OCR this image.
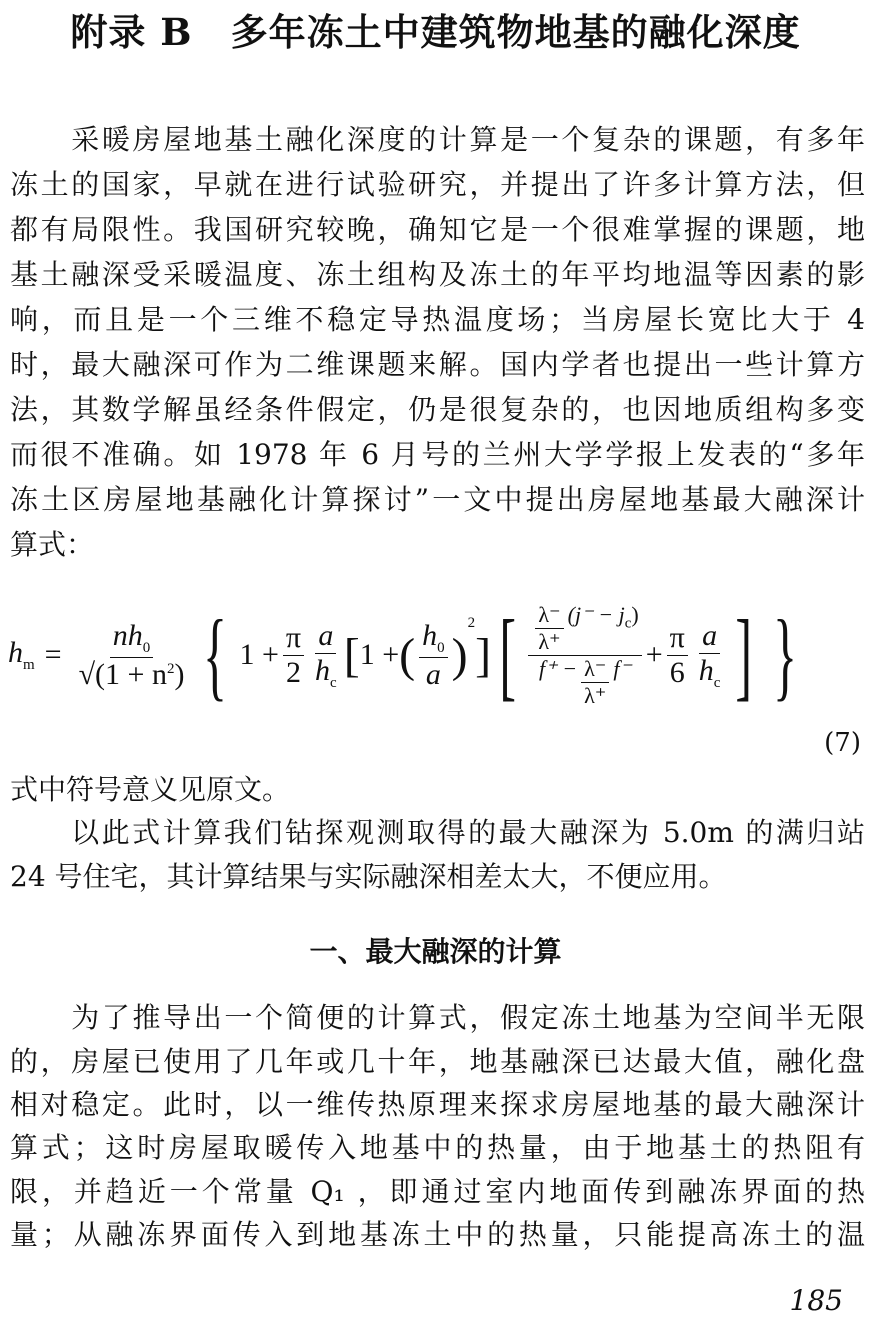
附录 B　多年冻土中建筑物地基的融化深度
　　采暖房屋地基土融化深度的计算是一个复杂的课题，有多年
冻土的国家，早就在进行试验研究，并提出了许多计算方法，但
都有局限性。我国研究较晚，确知它是一个很难掌握的课题，地
基土融深受采暖温度、冻土组构及冻土的年平均地温等因素的影
响，而且是一个三维不稳定导热温度场；当房屋长宽比大于 4
时，最大融深可作为二维课题来解。国内学者也提出一些计算方
法，其数学解虽经条件假定，仍是很复杂的，也因地质组构多变
而很不准确。如 1978 年 6 月号的兰州大学学报上发表的“多年
冻土区房屋地基融化计算探讨”一文中提出房屋地基最大融深计
算式：
$h_m = \frac{nh_0}{√(1 + n^2)}$ { $1 + \frac{\pi}{2} \frac{a}{h_c}$ [ 1 + ( $\frac{h_0}{a}$ )
$^2$
] [ $\frac{\frac{\lambda^-}{\lambda^+} (j^- - j_c)}{f^+ - \frac{\lambda^-}{\lambda^+} f^-} + \frac{\pi}{6} \frac{a}{h_c}$ ] }
(7)
式中符号意义见原文。
　　以此式计算我们钻探观测取得的最大融深为 5.0m 的满归站
24 号住宅，其计算结果与实际融深相差太大，不便应用。
一、最大融深的计算
　　为了推导出一个简便的计算式，假定冻土地基为空间半无限
的，房屋已使用了几年或几十年，地基融深已达最大值，融化盘
相对稳定。此时，以一维传热原理来探求房屋地基的最大融深计
算式；这时房屋取暖传入地基中的热量，由于地基土的热阻有
限，并趋近一个常量 Q₁ ，即通过室内地面传到融冻界面的热
量；从融冻界面传入到地基冻土中的热量，只能提高冻土的温
185
